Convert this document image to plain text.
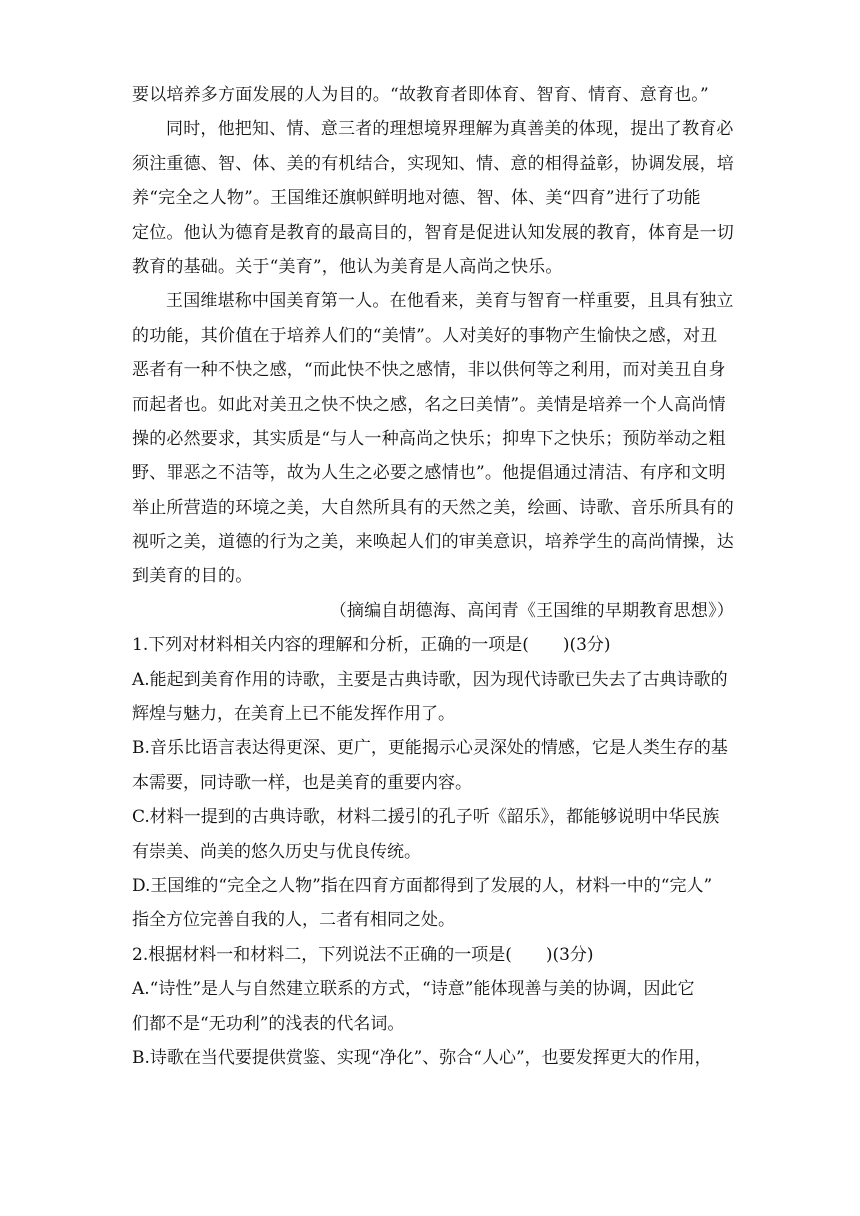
要以培养多方面发展的人为目的。“故教育者即体育、智育、情育、意育也。”
同时，他把知、情、意三者的理想境界理解为真善美的体现，提出了教育必
须注重德、智、体、美的有机结合，实现知、情、意的相得益彰，协调发展，培
养“完全之人物”。王国维还旗帜鲜明地对德、智、体、美“四育”进行了功能
定位。他认为德育是教育的最高目的，智育是促进认知发展的教育，体育是一切
教育的基础。关于“美育”，他认为美育是人高尚之快乐。
王国维堪称中国美育第一人。在他看来，美育与智育一样重要，且具有独立
的功能，其价值在于培养人们的“美情”。人对美好的事物产生愉快之感，对丑
恶者有一种不快之感，“而此快不快之感情，非以供何等之利用，而对美丑自身
而起者也。如此对美丑之快不快之感，名之曰美情”。美情是培养一个人高尚情
操的必然要求，其实质是“与人一种高尚之快乐；抑卑下之快乐；预防举动之粗
野、罪恶之不洁等，故为人生之必要之感情也”。他提倡通过清洁、有序和文明
举止所营造的环境之美，大自然所具有的天然之美，绘画、诗歌、音乐所具有的
视听之美，道德的行为之美，来唤起人们的审美意识，培养学生的高尚情操，达
到美育的目的。
（摘编自胡德海、高闰青《王国维的早期教育思想》）
1.下列对材料相关内容的理解和分析，正确的一项是(　　)(3分)
A.能起到美育作用的诗歌，主要是古典诗歌，因为现代诗歌已失去了古典诗歌的
辉煌与魅力，在美育上已不能发挥作用了。
B.音乐比语言表达得更深、更广，更能揭示心灵深处的情感，它是人类生存的基
本需要，同诗歌一样，也是美育的重要内容。
C.材料一提到的古典诗歌，材料二援引的孔子听《韶乐》，都能够说明中华民族
有崇美、尚美的悠久历史与优良传统。
D.王国维的“完全之人物”指在四育方面都得到了发展的人，材料一中的“完人”
指全方位完善自我的人，二者有相同之处。
2.根据材料一和材料二，下列说法不正确的一项是(　　)(3分)
A.“诗性”是人与自然建立联系的方式，“诗意”能体现善与美的协调，因此它
们都不是“无功利”的浅表的代名词。
B.诗歌在当代要提供赏鉴、实现“净化”、弥合“人心”，也要发挥更大的作用，
